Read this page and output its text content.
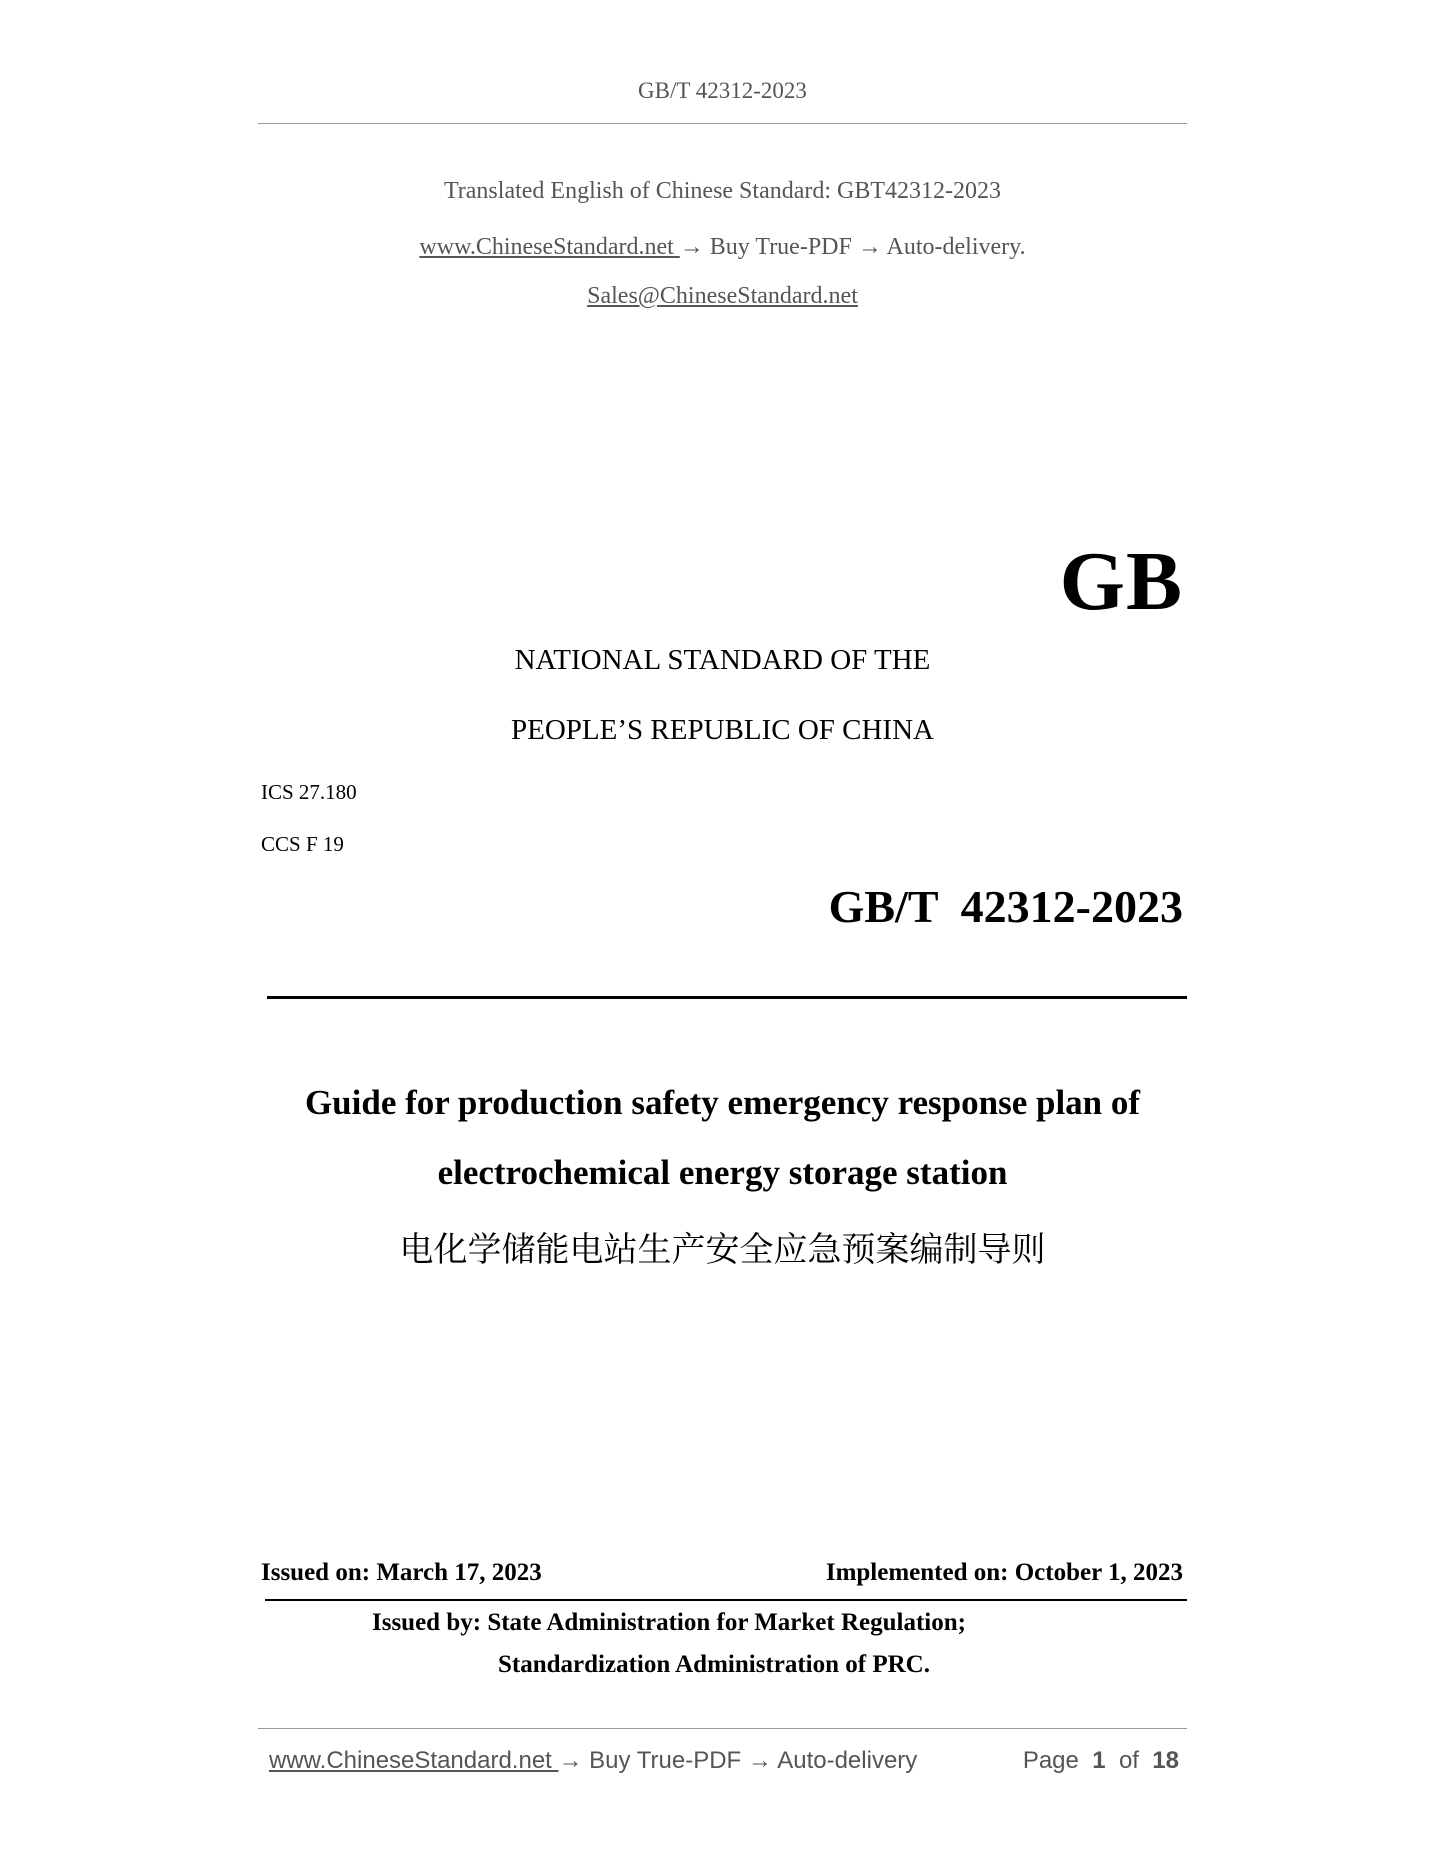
GB/T 42312-2023
Translated English of Chinese Standard: GBT42312-2023
www.ChineseStandard.net → Buy True-PDF → Auto-delivery.
Sales@ChineseStandard.net
GB
NATIONAL STANDARD OF THE
PEOPLE’S REPUBLIC OF CHINA
ICS 27.180
CCS F 19
GB/T  42312-2023
Guide for production safety emergency response plan of
electrochemical energy storage station
电化学储能电站生产安全应急预案编制导则
Issued on: March 17, 2023	Implemented on: October 1, 2023
Issued by: State Administration for Market Regulation;
Standardization Administration of PRC.
www.ChineseStandard.net → Buy True-PDF → Auto-delivery	Page 1 of 18
